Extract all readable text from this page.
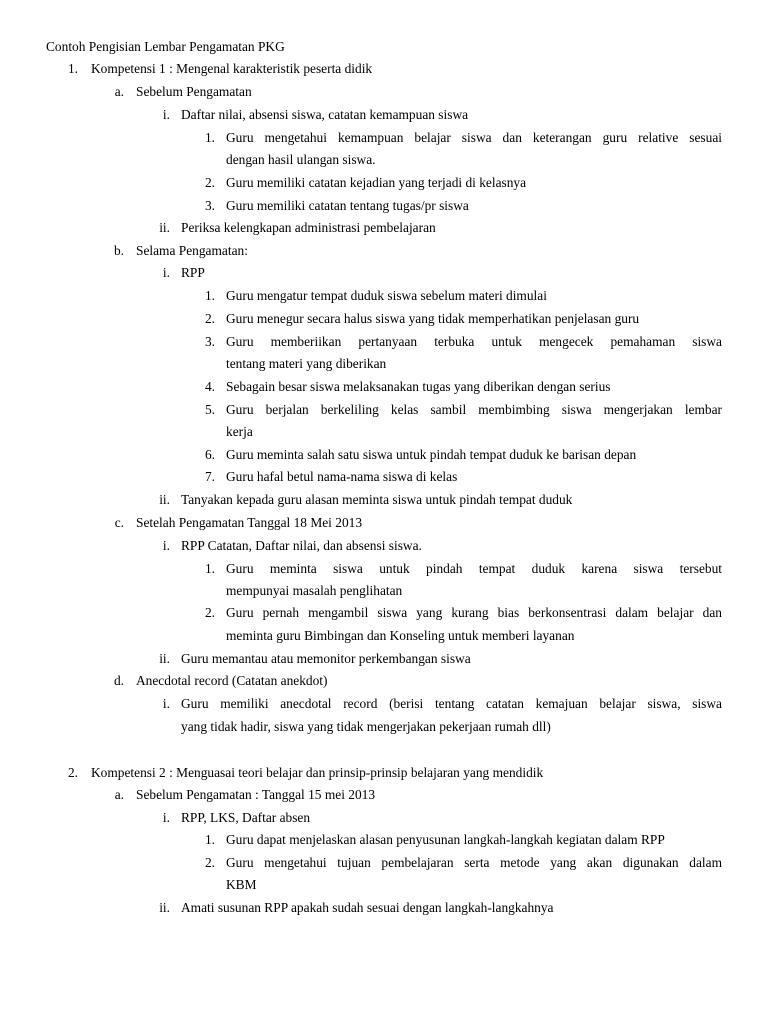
Contoh Pengisian Lembar Pengamatan PKG
1. Kompetensi 1 : Mengenal karakteristik peserta didik
a. Sebelum Pengamatan
i. Daftar nilai, absensi siswa, catatan kemampuan siswa
1. Guru mengetahui kemampuan belajar siswa dan keterangan guru relative sesuai
dengan hasil ulangan siswa.
2. Guru memiliki catatan kejadian yang terjadi di kelasnya
3. Guru memiliki catatan tentang tugas/pr siswa
ii. Periksa kelengkapan administrasi pembelajaran
b. Selama Pengamatan:
i. RPP
1. Guru mengatur tempat duduk siswa sebelum materi dimulai
2. Guru menegur secara halus siswa yang tidak memperhatikan penjelasan guru
3. Guru memberiikan pertanyaan terbuka untuk mengecek pemahaman siswa
tentang materi yang diberikan
4. Sebagain besar siswa melaksanakan tugas yang diberikan dengan serius
5. Guru berjalan berkeliling kelas sambil membimbing siswa mengerjakan lembar
kerja
6. Guru meminta salah satu siswa untuk pindah tempat duduk ke barisan depan
7. Guru hafal betul nama-nama siswa di kelas
ii. Tanyakan kepada guru alasan meminta siswa untuk pindah tempat duduk
c. Setelah Pengamatan Tanggal 18 Mei 2013
i. RPP Catatan, Daftar nilai, dan absensi siswa.
1. Guru meminta siswa untuk pindah tempat duduk karena siswa tersebut
mempunyai masalah penglihatan
2. Guru pernah mengambil siswa yang kurang bias berkonsentrasi dalam belajar dan
meminta guru Bimbingan dan Konseling untuk memberi layanan
ii. Guru memantau atau memonitor perkembangan siswa
d. Anecdotal record (Catatan anekdot)
i. Guru memiliki anecdotal record (berisi tentang catatan kemajuan belajar siswa, siswa
yang tidak hadir, siswa yang tidak mengerjakan pekerjaan rumah dll)
2. Kompetensi 2 : Menguasai teori belajar dan prinsip-prinsip belajaran yang mendidik
a. Sebelum Pengamatan : Tanggal 15 mei 2013
i. RPP, LKS, Daftar absen
1. Guru dapat menjelaskan alasan penyusunan langkah-langkah kegiatan dalam RPP
2. Guru mengetahui tujuan pembelajaran serta metode yang akan digunakan dalam
KBM
ii. Amati susunan RPP apakah sudah sesuai dengan langkah-langkahnya
